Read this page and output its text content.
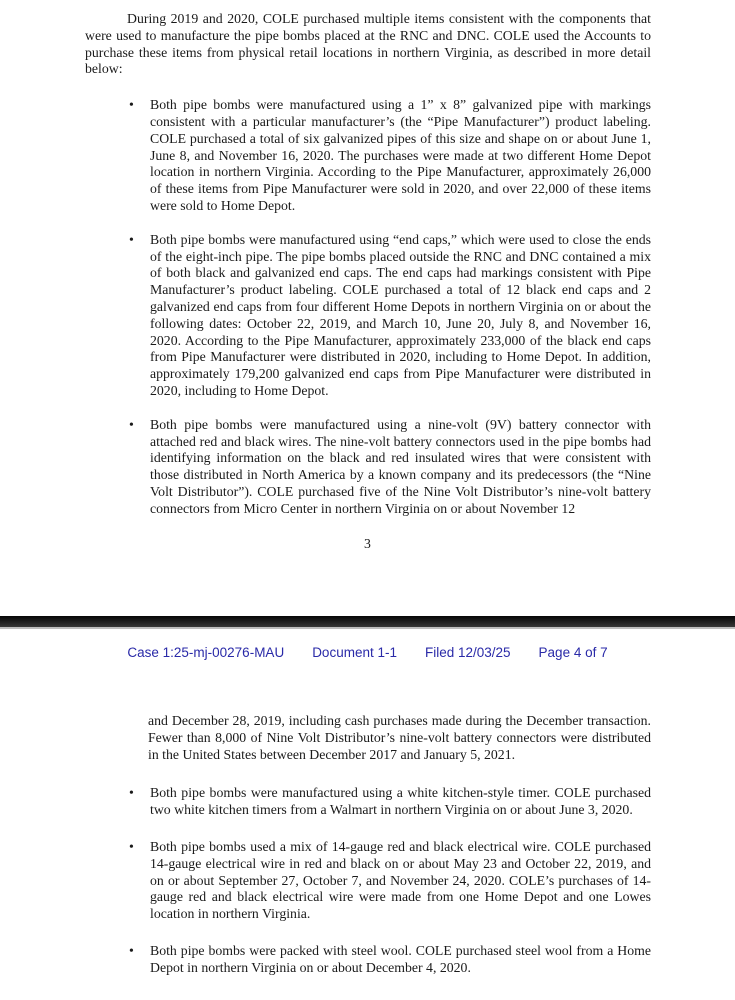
During 2019 and 2020, COLE purchased multiple items consistent with the components that were used to manufacture the pipe bombs placed at the RNC and DNC. COLE used the Accounts to purchase these items from physical retail locations in northern Virginia, as described in more detail below:

•	Both pipe bombs were manufactured using a 1” x 8” galvanized pipe with markings consistent with a particular manufacturer’s (the “Pipe Manufacturer”) product labeling. COLE purchased a total of six galvanized pipes of this size and shape on or about June 1, June 8, and November 16, 2020. The purchases were made at two different Home Depot location in northern Virginia. According to the Pipe Manufacturer, approximately 26,000 of these items from Pipe Manufacturer were sold in 2020, and over 22,000 of these items were sold to Home Depot.

•	Both pipe bombs were manufactured using “end caps,” which were used to close the ends of the eight-inch pipe. The pipe bombs placed outside the RNC and DNC contained a mix of both black and galvanized end caps. The end caps had markings consistent with Pipe Manufacturer’s product labeling. COLE purchased a total of 12 black end caps and 2 galvanized end caps from four different Home Depots in northern Virginia on or about the following dates: October 22, 2019, and March 10, June 20, July 8, and November 16, 2020. According to the Pipe Manufacturer, approximately 233,000 of the black end caps from Pipe Manufacturer were distributed in 2020, including to Home Depot. In addition, approximately 179,200 galvanized end caps from Pipe Manufacturer were distributed in 2020, including to Home Depot.

•	Both pipe bombs were manufactured using a nine-volt (9V) battery connector with attached red and black wires. The nine-volt battery connectors used in the pipe bombs had identifying information on the black and red insulated wires that were consistent with those distributed in North America by a known company and its predecessors (the “Nine Volt Distributor”). COLE purchased five of the Nine Volt Distributor’s nine-volt battery connectors from Micro Center in northern Virginia on or about November 12

3
Case 1:25-mj-00276-MAU Document 1-1 Filed 12/03/25 Page 4 of 7

and December 28, 2019, including cash purchases made during the December transaction. Fewer than 8,000 of Nine Volt Distributor’s nine-volt battery connectors were distributed in the United States between December 2017 and January 5, 2021.

•	Both pipe bombs were manufactured using a white kitchen-style timer. COLE purchased two white kitchen timers from a Walmart in northern Virginia on or about June 3, 2020.

•	Both pipe bombs used a mix of 14-gauge red and black electrical wire. COLE purchased 14-gauge electrical wire in red and black on or about May 23 and October 22, 2019, and on or about September 27, October 7, and November 24, 2020. COLE’s purchases of 14-gauge red and black electrical wire were made from one Home Depot and one Lowes location in northern Virginia.

•	Both pipe bombs were packed with steel wool. COLE purchased steel wool from a Home Depot in northern Virginia on or about December 4, 2020.
